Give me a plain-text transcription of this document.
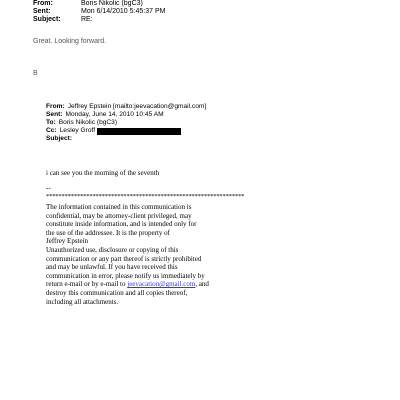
From:	Boris Nikolic (bgC3)
Sent:	Mon 6/14/2010 5:45:37 PM
Subject:	RE:
Great. Looking forward.
B
From: Jeffrey Epstein [mailto:jeevacation@gmail.com]
Sent: Monday, June 14, 2010 10:45 AM
To: Boris Nikolic (bgC3)
Cc: Lesley Groff
Subject:
i can see you the morning of the seventh
--
****************************************************************
The information contained in this communication is
confidential, may be attorney-client privileged, may
constitute inside information, and is intended only for
the use of the addressee. It is the property of
Jeffrey Epstein
Unauthorized use, disclosure or copying of this
communication or any part thereof is strictly prohibited
and may be unlawful. If you have received this
communication in error, please notify us immediately by
return e-mail or by e-mail to jeevacation@gmail.com, and
destroy this communication and all copies thereof,
including all attachments.
